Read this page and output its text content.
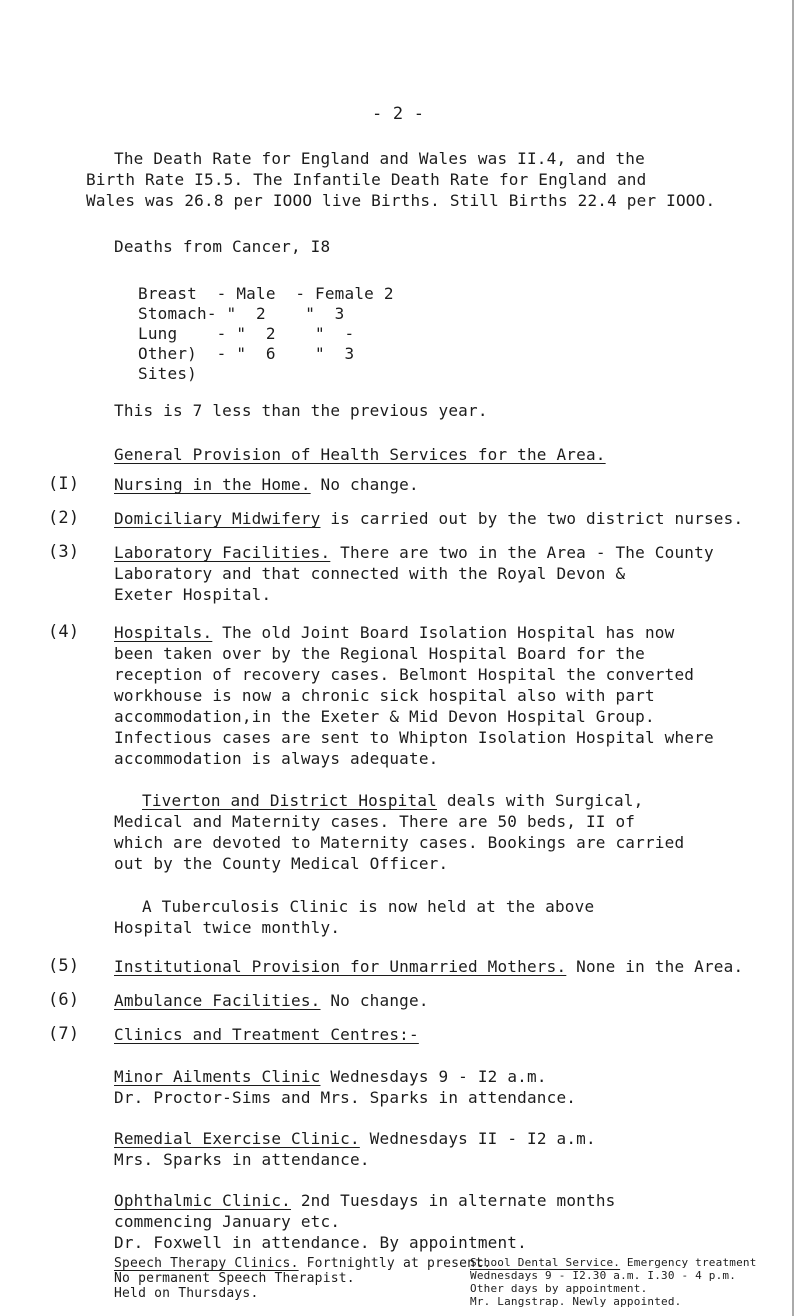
- 2 -
The Death Rate for England and Wales was II.4, and the
Birth Rate I5.5. The Infantile Death Rate for England and
Wales was 26.8 per IOOO live Births. Still Births 22.4 per IOOO.
Deaths from Cancer, I8
Breast  - Male  - Female 2
Stomach- " 2 "  3
Lung    - " 2 "  -
Other)  - " 6 "  3
Sites)
This is 7 less than the previous year.
General Provision of Health Services for the Area.
(I) Nursing in the Home. No change.
(2) Domiciliary Midwifery is carried out by the two district nurses.
(3) Laboratory Facilities. There are two in the Area - The County
Laboratory and that connected with the Royal Devon &
Exeter Hospital.
(4) Hospitals. The old Joint Board Isolation Hospital has now
been taken over by the Regional Hospital Board for the
reception of recovery cases. Belmont Hospital the converted
workhouse is now a chronic sick hospital also with part
accommodation,in the Exeter & Mid Devon Hospital Group.
Infectious cases are sent to Whipton Isolation Hospital where
accommodation is always adequate.
Tiverton and District Hospital deals with Surgical,
Medical and Maternity cases. There are 50 beds, II of
which are devoted to Maternity cases. Bookings are carried
out by the County Medical Officer.
A Tuberculosis Clinic is now held at the above
Hospital twice monthly.
(5) Institutional Provision for Unmarried Mothers. None in the Area.
(6) Ambulance Facilities. No change.
(7) Clinics and Treatment Centres:-
Minor Ailments Clinic Wednesdays 9 - I2 a.m.
Dr. Proctor-Sims and Mrs. Sparks in attendance.
Remedial Exercise Clinic. Wednesdays II - I2 a.m.
Mrs. Sparks in attendance.
Ophthalmic Clinic. 2nd Tuesdays in alternate months
commencing January etc.
Dr. Foxwell in attendance. By appointment.
Speech Therapy Clinics. Fortnightly at present.
No permanent Speech Therapist.
Held on Thursdays.
School Dental Service. Emergency treatment
Wednesdays 9 - I2.30 a.m. I.30 - 4 p.m.
Other days by appointment.
Mr. Langstrap. Newly appointed.
